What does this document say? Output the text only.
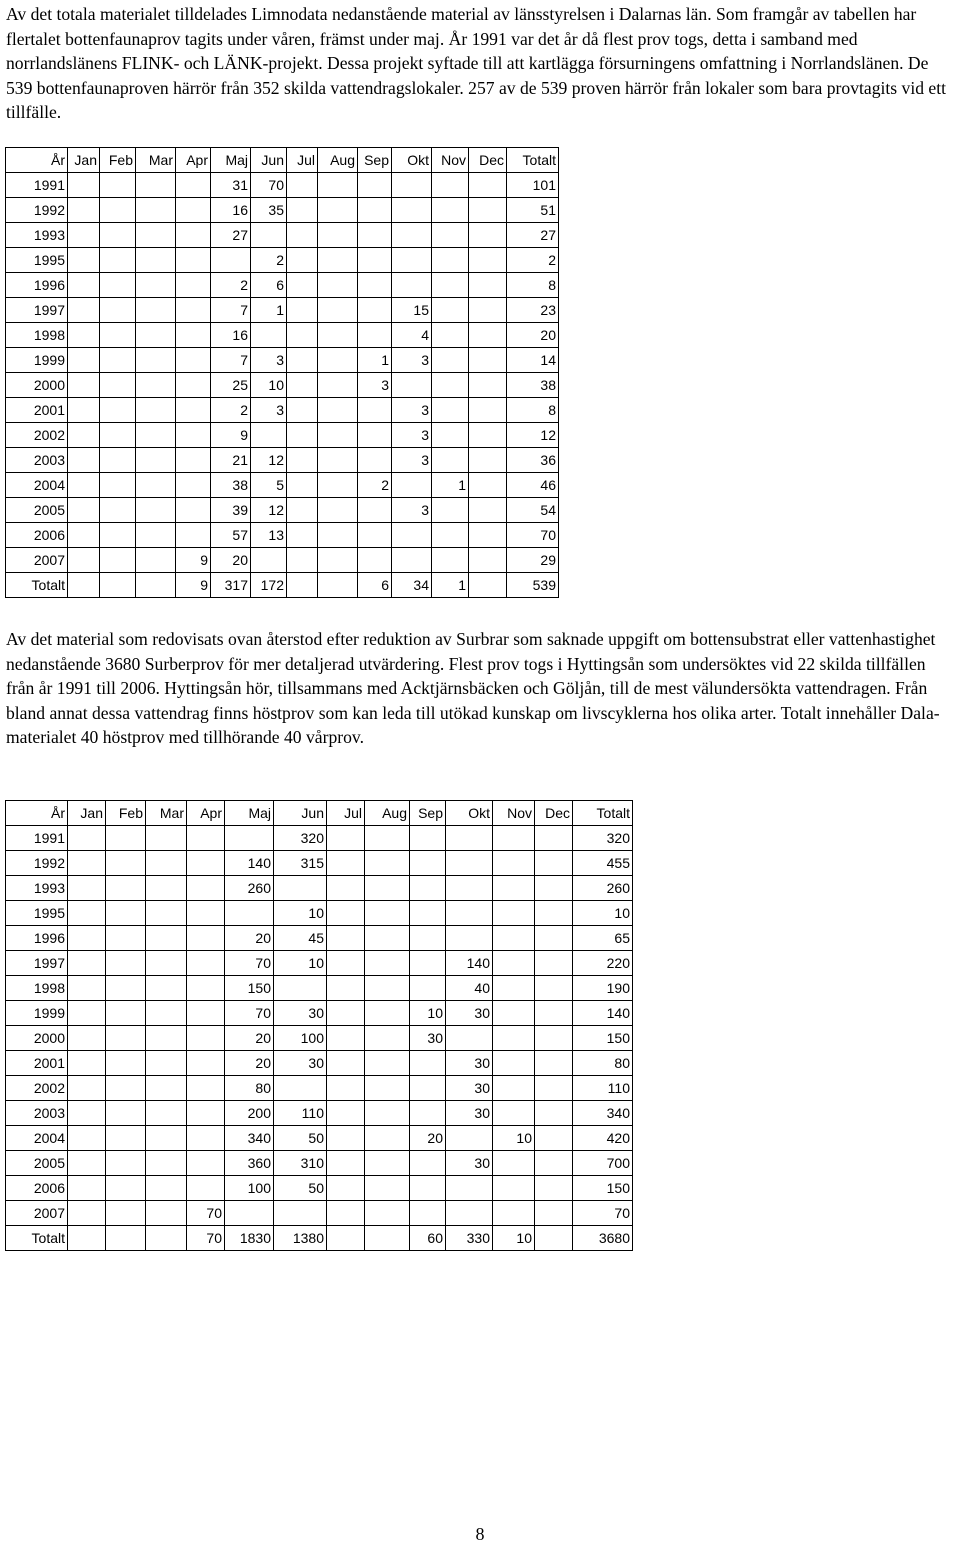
Av det totala materialet tilldelades Limnodata nedanstående material av länsstyrelsen i Dalarnas län. Som framgår av tabellen har flertalet bottenfaunaprov tagits under våren, främst under maj. År 1991 var det år då flest prov togs, detta i samband med norrlandslänens FLINK- och LÄNK-projekt. Dessa projekt syftade till att kartlägga försurningens omfattning i Norrlandslänen. De 539 bottenfaunaproven härrör från 352 skilda vattendragslokaler. 257 av de 539 proven härrör från lokaler som bara provtagits vid ett tillfälle.

År	Jan	Feb	Mar	Apr	Maj	Jun	Jul	Aug	Sep	Okt	Nov	Dec	Totalt
1991					31	70							101
1992					16	35							51
1993					27								27
1995						2							2
1996					2	6							8
1997					7	1				15			23
1998					16					4			20
1999					7	3			1	3			14
2000					25	10			3				38
2001					2	3				3			8
2002					9					3			12
2003					21	12				3			36
2004					38	5			2		1		46
2005					39	12				3			54
2006					57	13							70
2007				9	20								29
Totalt				9	317	172			6	34	1		539

Av det material som redovisats ovan återstod efter reduktion av Surbrar som saknade uppgift om bottensubstrat eller vattenhastighet nedanstående 3680 Surberprov för mer detaljerad utvärdering. Flest prov togs i Hyttingsån som undersöktes vid 22 skilda tillfällen från år 1991 till 2006. Hyttingsån hör, tillsammans med Acktjärnsbäcken och Göljån, till de mest välundersökta vattendragen. Från bland annat dessa vattendrag finns höstprov som kan leda till utökad kunskap om livscyklerna hos olika arter. Totalt innehåller Dala-materialet 40 höstprov med tillhörande 40 vårprov.

År	Jan	Feb	Mar	Apr	Maj	Jun	Jul	Aug	Sep	Okt	Nov	Dec	Totalt
1991						320							320
1992					140	315							455
1993					260								260
1995						10							10
1996					20	45							65
1997					70	10				140			220
1998					150					40			190
1999					70	30			10	30			140
2000					20	100			30				150
2001					20	30				30			80
2002					80					30			110
2003					200	110				30			340
2004					340	50			20		10		420
2005					360	310				30			700
2006					100	50							150
2007				70									70
Totalt				70	1830	1380			60	330	10		3680
8
